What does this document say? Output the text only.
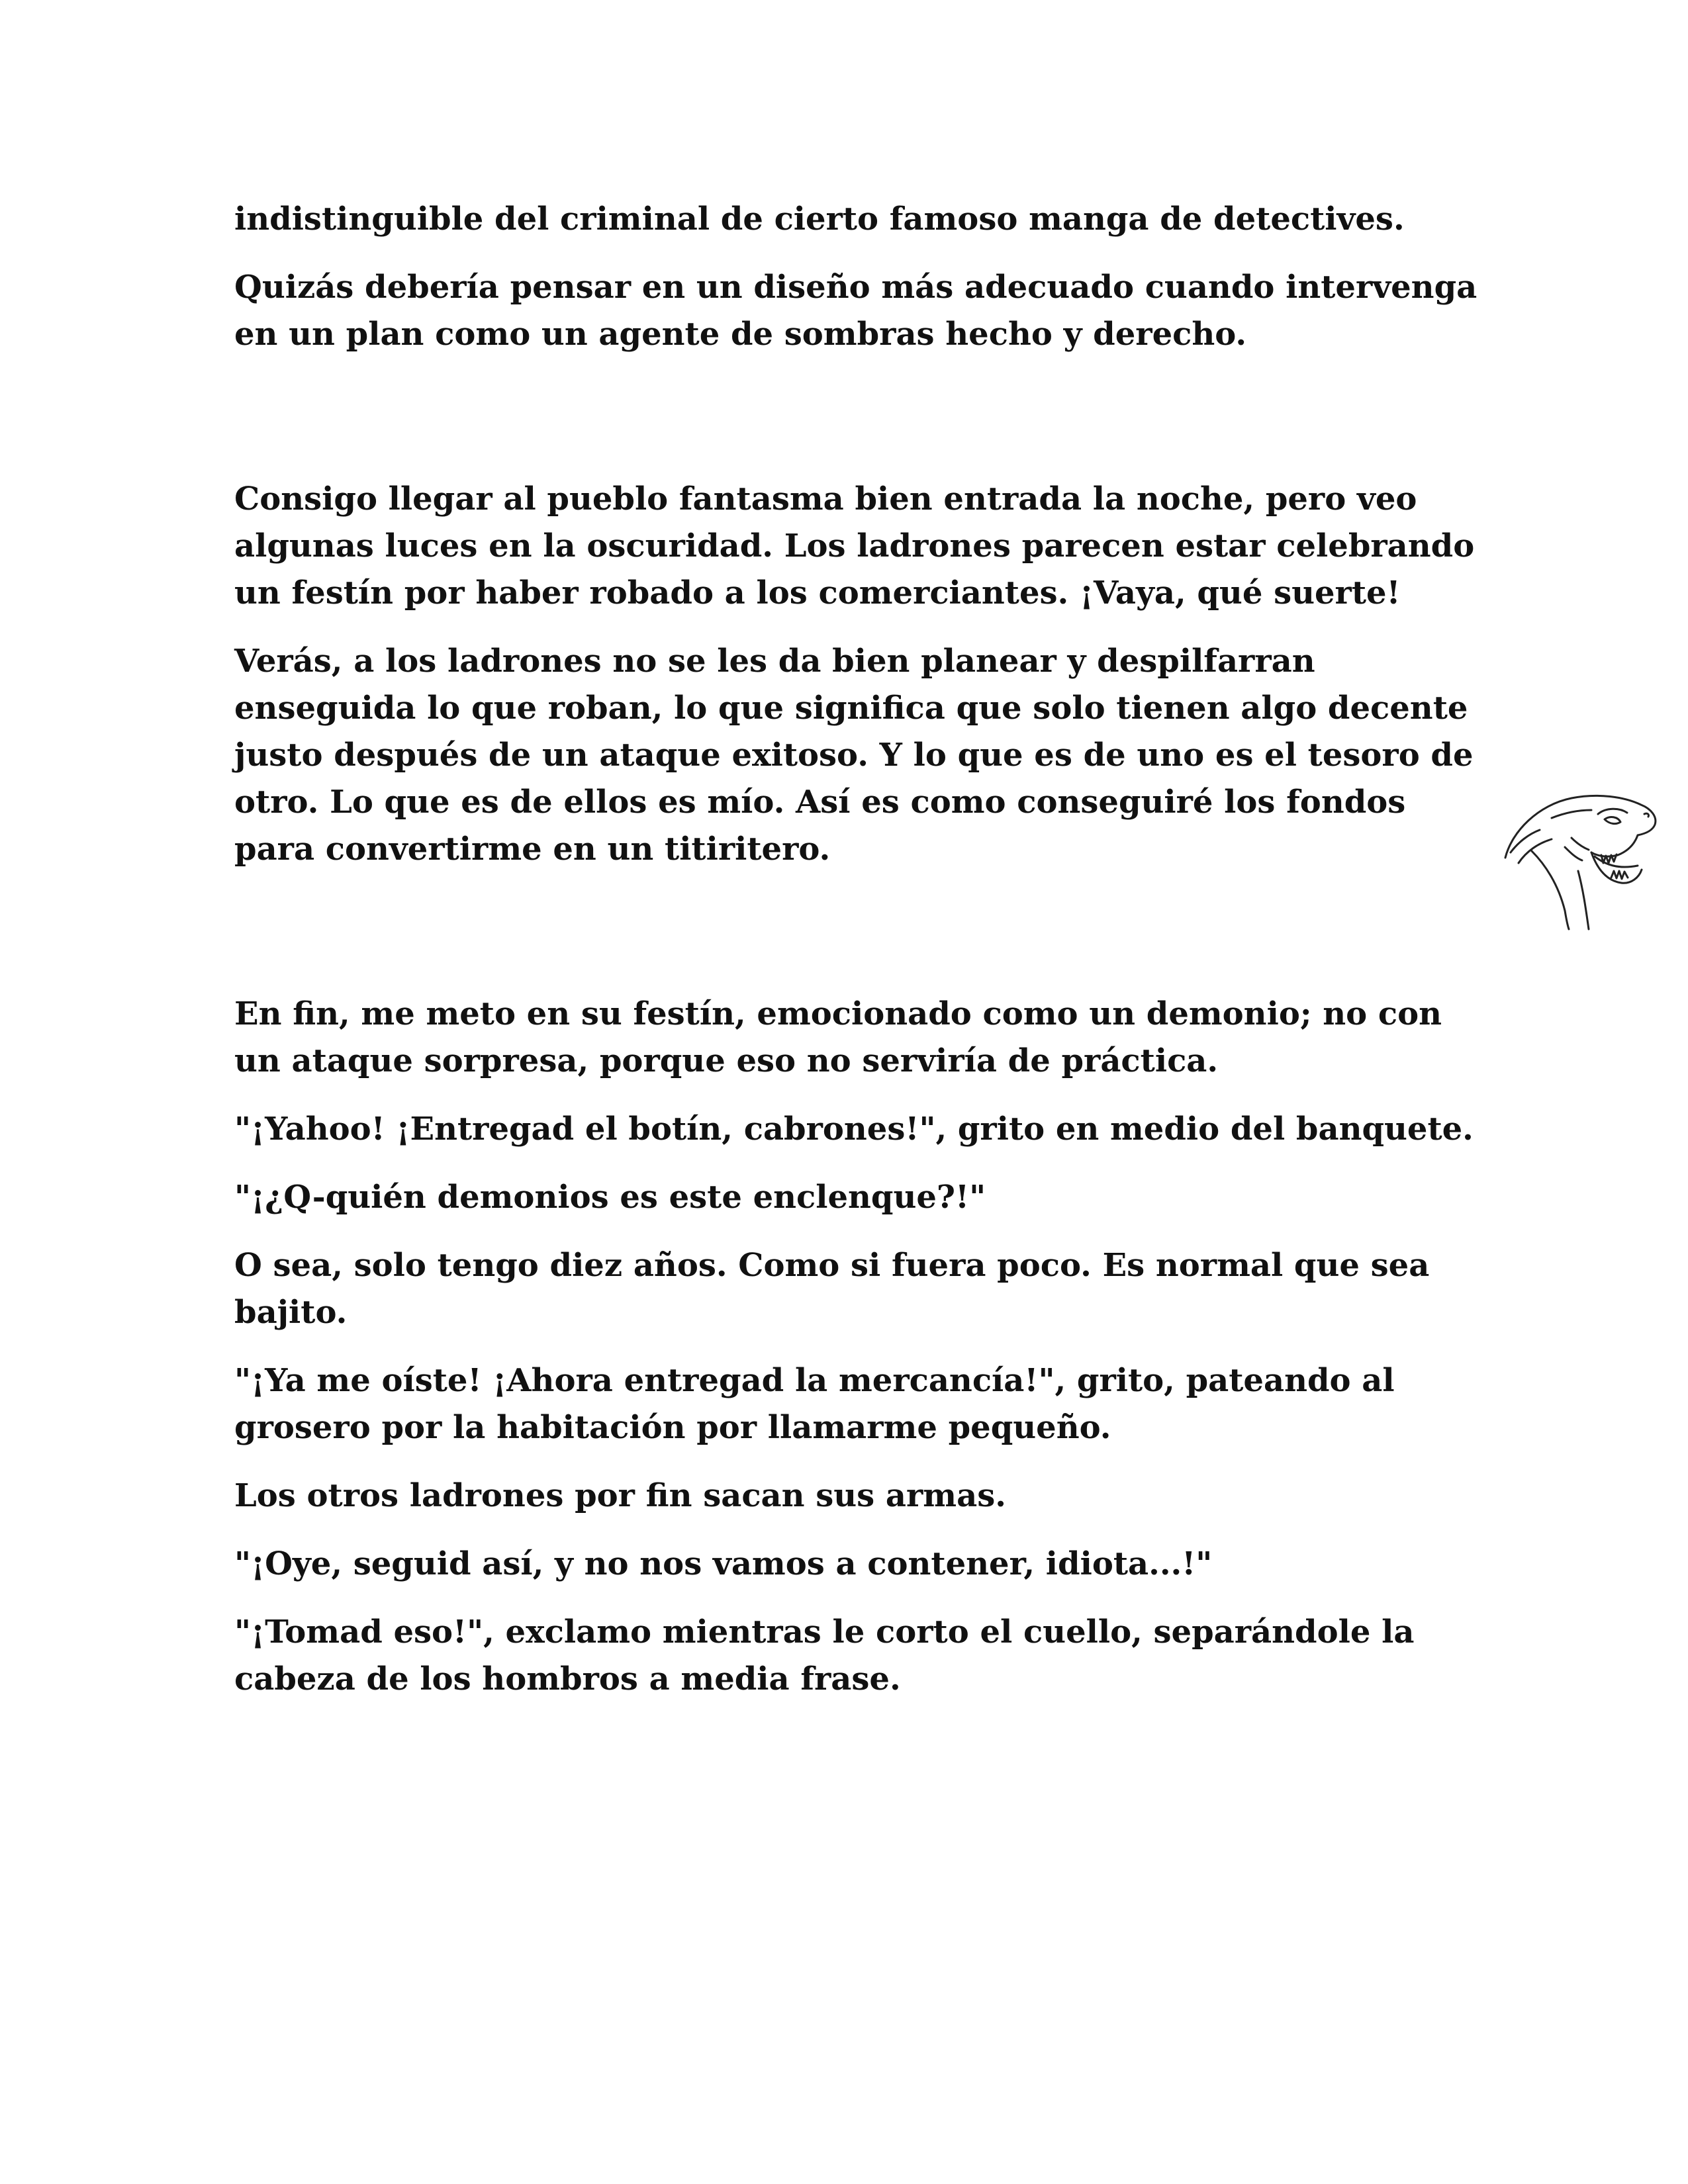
indistinguible del criminal de cierto famoso manga de detectives.

Quizás debería pensar en un diseño más adecuado cuando intervenga en un plan como un agente de sombras hecho y derecho.

Consigo llegar al pueblo fantasma bien entrada la noche, pero veo algunas luces en la oscuridad. Los ladrones parecen estar celebrando un festín por haber robado a los comerciantes. ¡Vaya, qué suerte!

Verás, a los ladrones no se les da bien planear y despilfarran enseguida lo que roban, lo que significa que solo tienen algo decente justo después de un ataque exitoso. Y lo que es de uno es el tesoro de otro. Lo que es de ellos es mío. Así es como conseguiré los fondos para convertirme en un titiritero.

En fin, me meto en su festín, emocionado como un demonio; no con un ataque sorpresa, porque eso no serviría de práctica.

"¡Yahoo! ¡Entregad el botín, cabrones!", grito en medio del banquete.

"¡¿Q-quién demonios es este enclenque?!"

O sea, solo tengo diez años. Como si fuera poco. Es normal que sea bajito.

"¡Ya me oíste! ¡Ahora entregad la mercancía!", grito, pateando al grosero por la habitación por llamarme pequeño.

Los otros ladrones por fin sacan sus armas.

"¡Oye, seguid así, y no nos vamos a contener, idiota...!"

"¡Tomad eso!", exclamo mientras le corto el cuello, separándole la cabeza de los hombros a media frase.
